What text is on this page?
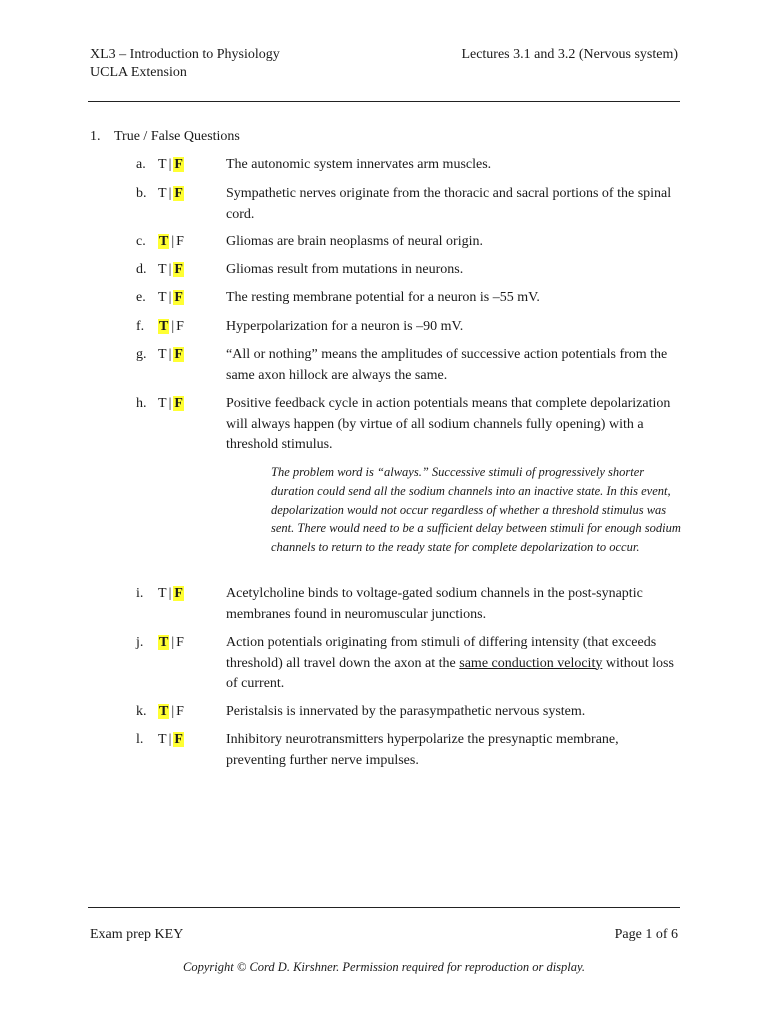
XL3 – Introduction to Physiology
UCLA Extension
Lectures 3.1 and 3.2 (Nervous system)
1. True / False Questions
a. T | F	The autonomic system innervates arm muscles.
b. T | F	Sympathetic nerves originate from the thoracic and sacral portions of the spinal cord.
c. T | F	Gliomas are brain neoplasms of neural origin.
d. T | F	Gliomas result from mutations in neurons.
e. T | F	The resting membrane potential for a neuron is –55 mV.
f. T | F	Hyperpolarization for a neuron is –90 mV.
g. T | F	“All or nothing” means the amplitudes of successive action potentials from the same axon hillock are always the same.
h. T | F	Positive feedback cycle in action potentials means that complete depolarization will always happen (by virtue of all sodium channels fully opening) with a threshold stimulus.
i. T | F	Acetylcholine binds to voltage-gated sodium channels in the post-synaptic membranes found in neuromuscular junctions.
j. T | F	Action potentials originating from stimuli of differing intensity (that exceeds threshold) all travel down the axon at the same conduction velocity without loss of current.
k. T | F	Peristalsis is innervated by the parasympathetic nervous system.
l. T | F	Inhibitory neurotransmitters hyperpolarize the presynaptic membrane, preventing further nerve impulses.
The problem word is “always.” Successive stimuli of progressively shorter duration could send all the sodium channels into an inactive state. In this event, depolarization would not occur regardless of whether a threshold stimulus was sent. There would need to be a sufficient delay between stimuli for enough sodium channels to return to the ready state for complete depolarization to occur.
Exam prep KEY	Page 1 of 6
Copyright © Cord D. Kirshner. Permission required for reproduction or display.
